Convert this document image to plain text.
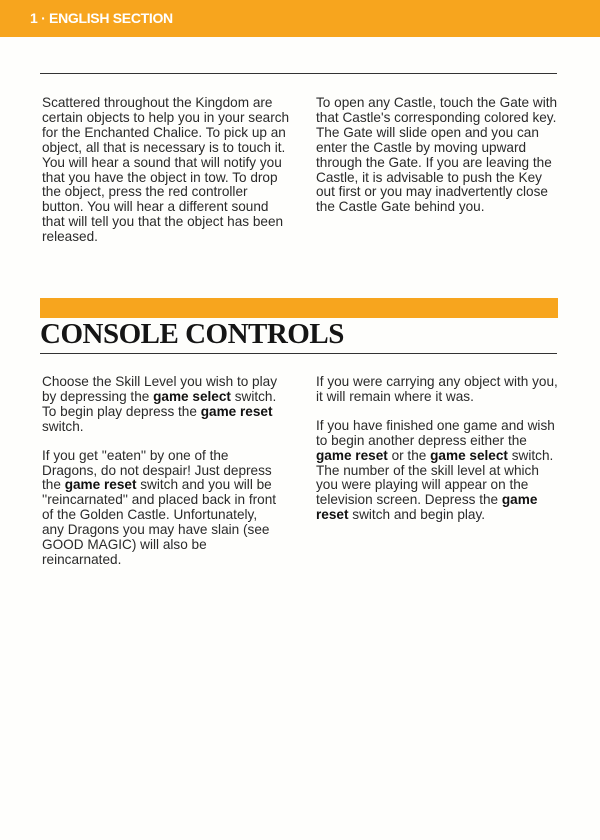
1 · ENGLISH SECTION

Scattered throughout the Kingdom are certain objects to help you in your search for the Enchanted Chalice. To pick up an object, all that is necessary is to touch it. You will hear a sound that will notify you that you have the object in tow. To drop the object, press the red controller button. You will hear a different sound that will tell you that the object has been released.

To open any Castle, touch the Gate with that Castle's corresponding colored key. The Gate will slide open and you can enter the Castle by moving upward through the Gate. If you are leaving the Castle, it is advisable to push the Key out first or you may inadvertently close the Castle Gate behind you.

CONSOLE CONTROLS

Choose the Skill Level you wish to play by depressing the game select switch. To begin play depress the game reset switch.

If you get ''eaten'' by one of the Dragons, do not despair! Just depress the game reset switch and you will be ''reincarnated'' and placed back in front of the Golden Castle. Unfortunately, any Dragons you may have slain (see GOOD MAGIC) will also be reincarnated.

If you were carrying any object with you, it will remain where it was.

If you have finished one game and wish to begin another depress either the game reset or the game select switch. The number of the skill level at which you were playing will appear on the television screen. Depress the game reset switch and begin play.
